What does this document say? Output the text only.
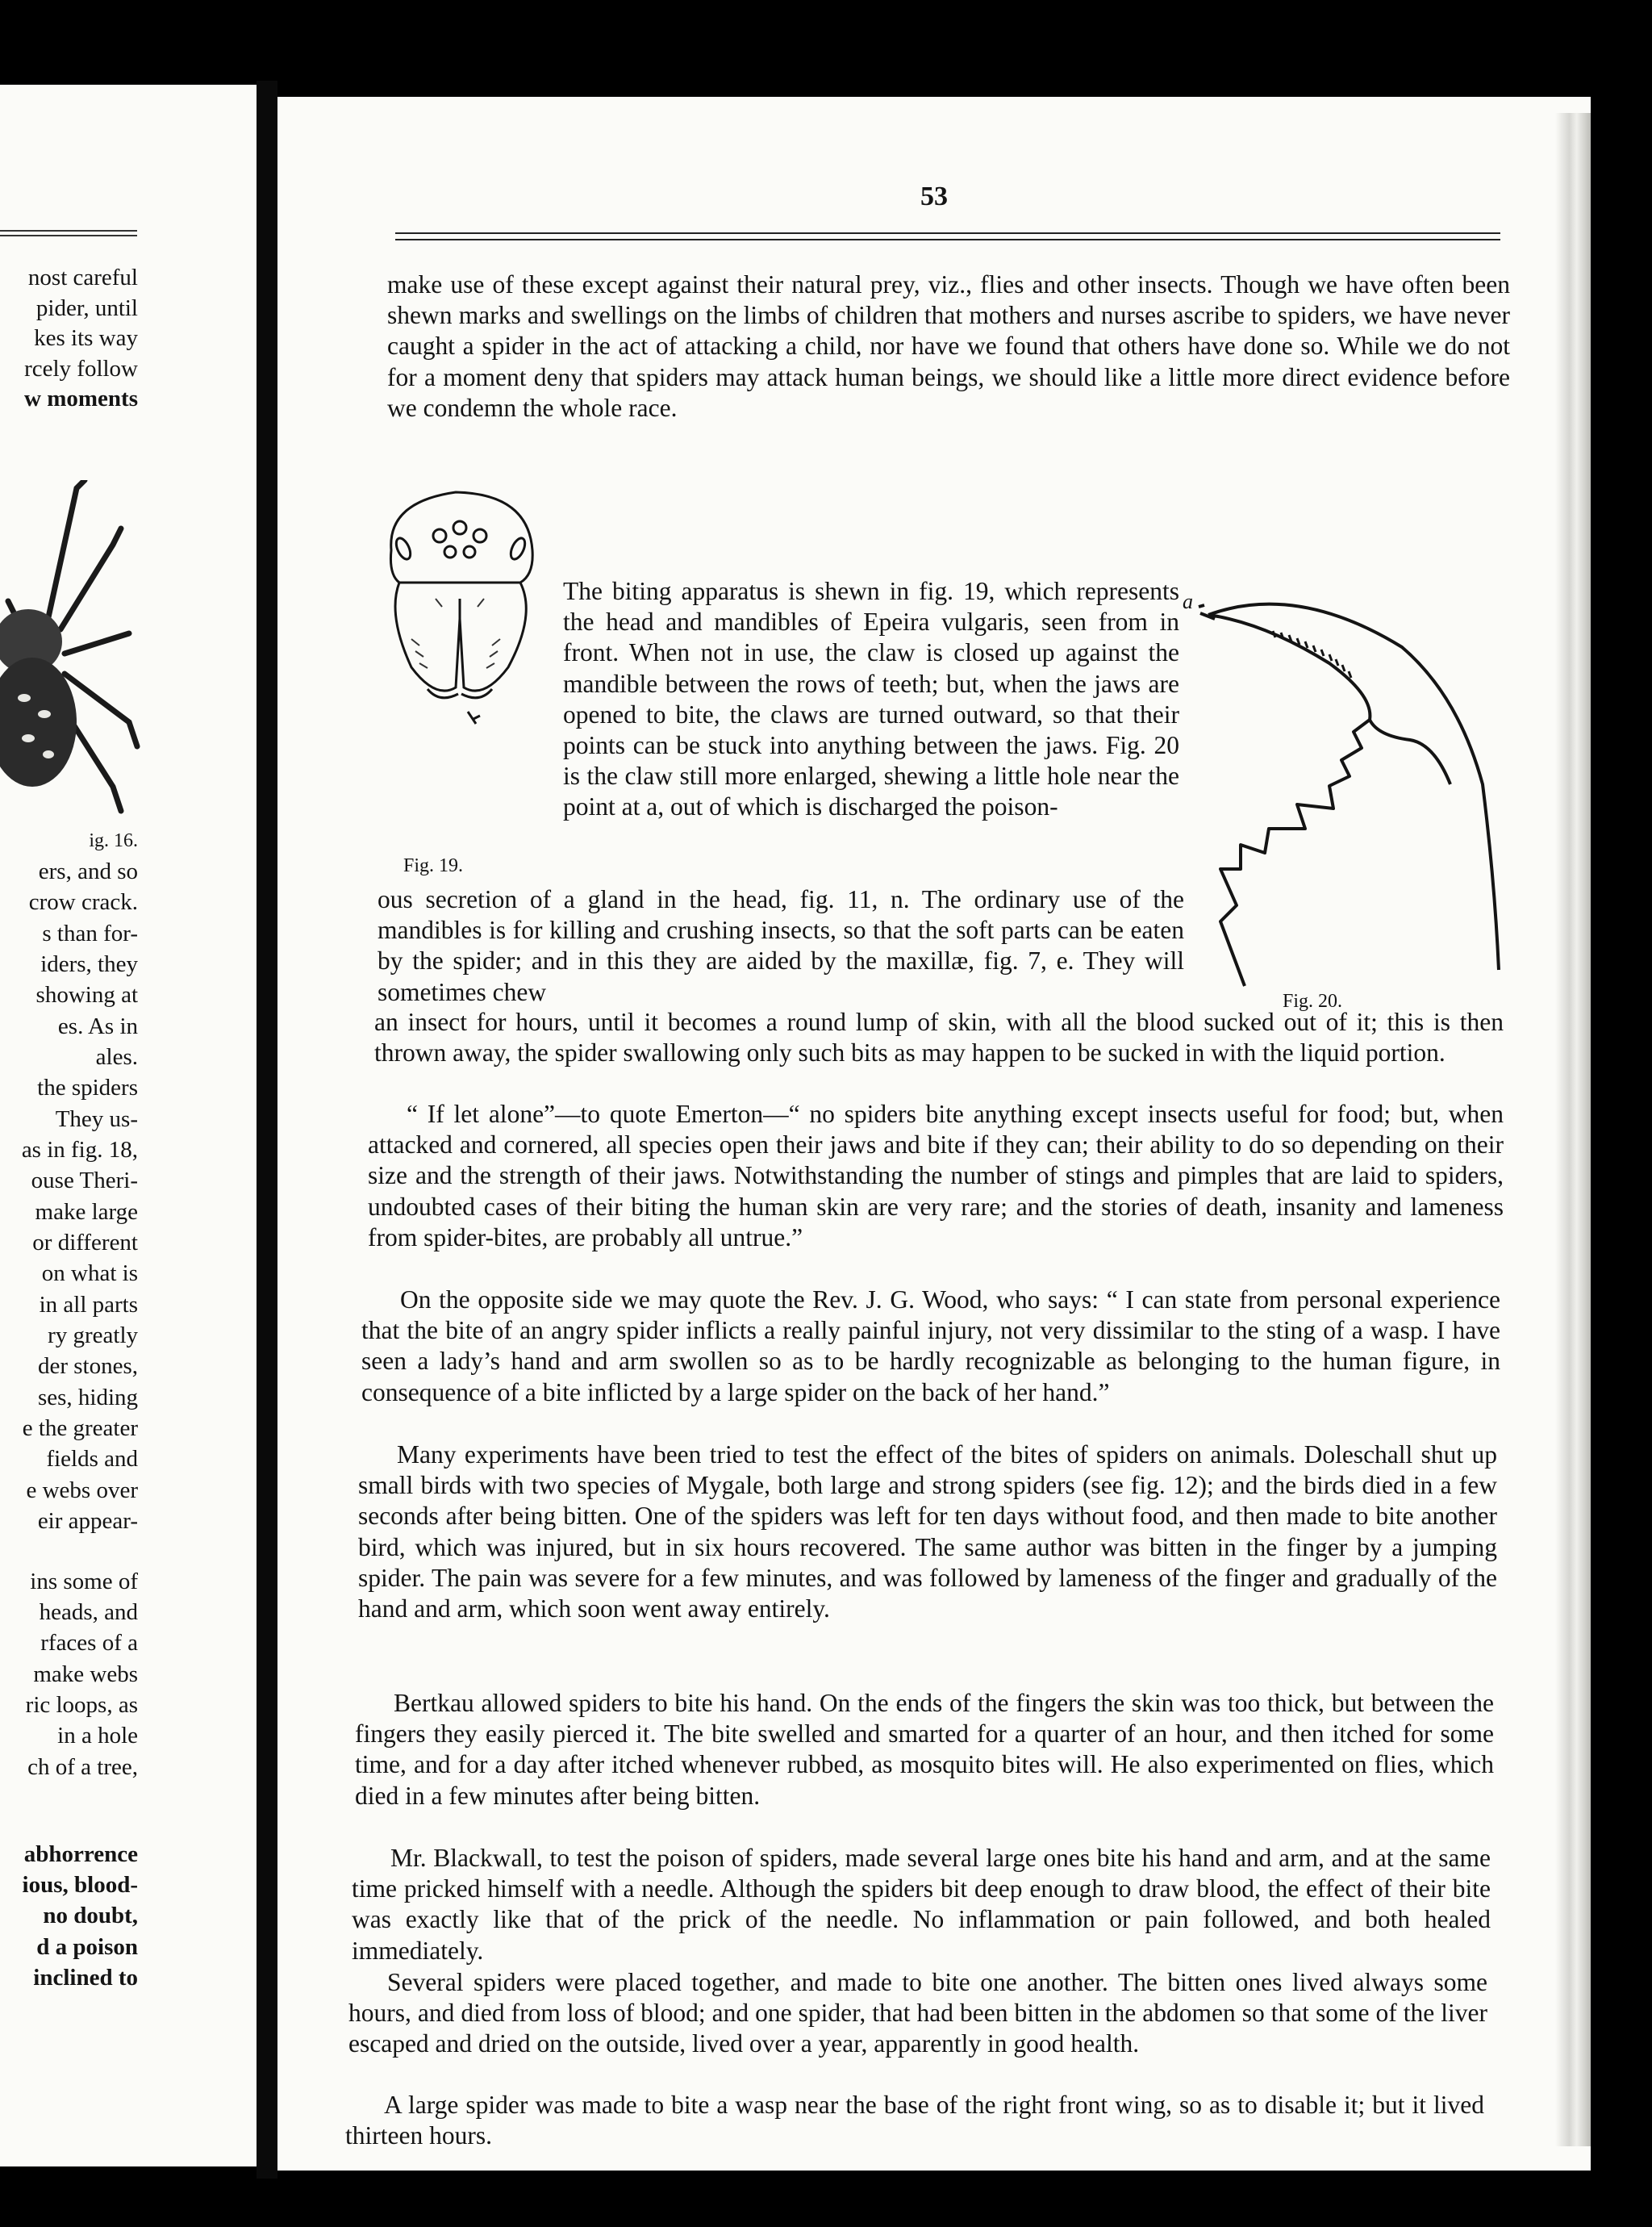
nost careful
pider, until
kes its way
rcely follow
w moments
ig. 16.
ers, and so
crow crack.
s than for-
iders, they
showing at
es. As in
ales.
the spiders
They us-
as in fig. 18,
ouse Theri-
make large
or different
on what is
in all parts
ry greatly
der stones,
ses, hiding
e the greater
fields and
e webs over
eir appear-
ins some of
heads, and
rfaces of a
make webs
ric loops, as
in a hole
ch of a tree,
abhorrence
ious, blood-
no doubt,
d a poison
inclined to
53

make use of these except against their natural prey, viz., flies and other insects. Though we have often been shewn marks and swellings on the limbs of children that mothers and nurses ascribe to spiders, we have never caught a spider in the act of attacking a child, nor have we found that others have done so. While we do not for a moment deny that spiders may attack human beings, we should like a little more direct evidence before we condemn the whole race.

Fig. 19.

The biting apparatus is shewn in fig. 19, which represents the head and mandibles of Epeira vulgaris, seen from in front. When not in use, the claw is closed up against the mandible between the rows of teeth; but, when the jaws are opened to bite, the claws are turned outward, so that their points can be stuck into anything between the jaws. Fig. 20 is the claw still more enlarged, shewing a little hole near the point at a, out of which is discharged the poison-

ous secretion of a gland in the head, fig. 11, n. The ordinary use of the mandibles is for killing and crushing insects, so that the soft parts can be eaten by the spider; and in this they are aided by the maxillæ, fig. 7, e. They will sometimes chew

a
Fig. 20.

an insect for hours, until it becomes a round lump of skin, with all the blood sucked out of it; this is then thrown away, the spider swallowing only such bits as may happen to be sucked in with the liquid portion.

“ If let alone”—to quote Emerton—“ no spiders bite anything except insects useful for food; but, when attacked and cornered, all species open their jaws and bite if they can; their ability to do so depending on their size and the strength of their jaws. Notwithstanding the number of stings and pimples that are laid to spiders, undoubted cases of their biting the human skin are very rare; and the stories of death, insanity and lameness from spider-bites, are probably all untrue.”

On the opposite side we may quote the Rev. J. G. Wood, who says: “ I can state from personal experience that the bite of an angry spider inflicts a really painful injury, not very dissimilar to the sting of a wasp. I have seen a lady’s hand and arm swollen so as to be hardly recognizable as belonging to the human figure, in consequence of a bite inflicted by a large spider on the back of her hand.”

Many experiments have been tried to test the effect of the bites of spiders on animals. Doleschall shut up small birds with two species of Mygale, both large and strong spiders (see fig. 12); and the birds died in a few seconds after being bitten. One of the spiders was left for ten days without food, and then made to bite another bird, which was injured, but in six hours recovered. The same author was bitten in the finger by a jumping spider. The pain was severe for a few minutes, and was followed by lameness of the finger and gradually of the hand and arm, which soon went away entirely.

Bertkau allowed spiders to bite his hand. On the ends of the fingers the skin was too thick, but between the fingers they easily pierced it. The bite swelled and smarted for a quarter of an hour, and then itched for some time, and for a day after itched whenever rubbed, as mosquito bites will. He also experimented on flies, which died in a few minutes after being bitten.

Mr. Blackwall, to test the poison of spiders, made several large ones bite his hand and arm, and at the same time pricked himself with a needle. Although the spiders bit deep enough to draw blood, the effect of their bite was exactly like that of the prick of the needle. No inflammation or pain followed, and both healed immediately.

Several spiders were placed together, and made to bite one another. The bitten ones lived always some hours, and died from loss of blood; and one spider, that had been bitten in the abdomen so that some of the liver escaped and dried on the outside, lived over a year, apparently in good health.

A large spider was made to bite a wasp near the base of the right front wing, so as to disable it; but it lived thirteen hours.
